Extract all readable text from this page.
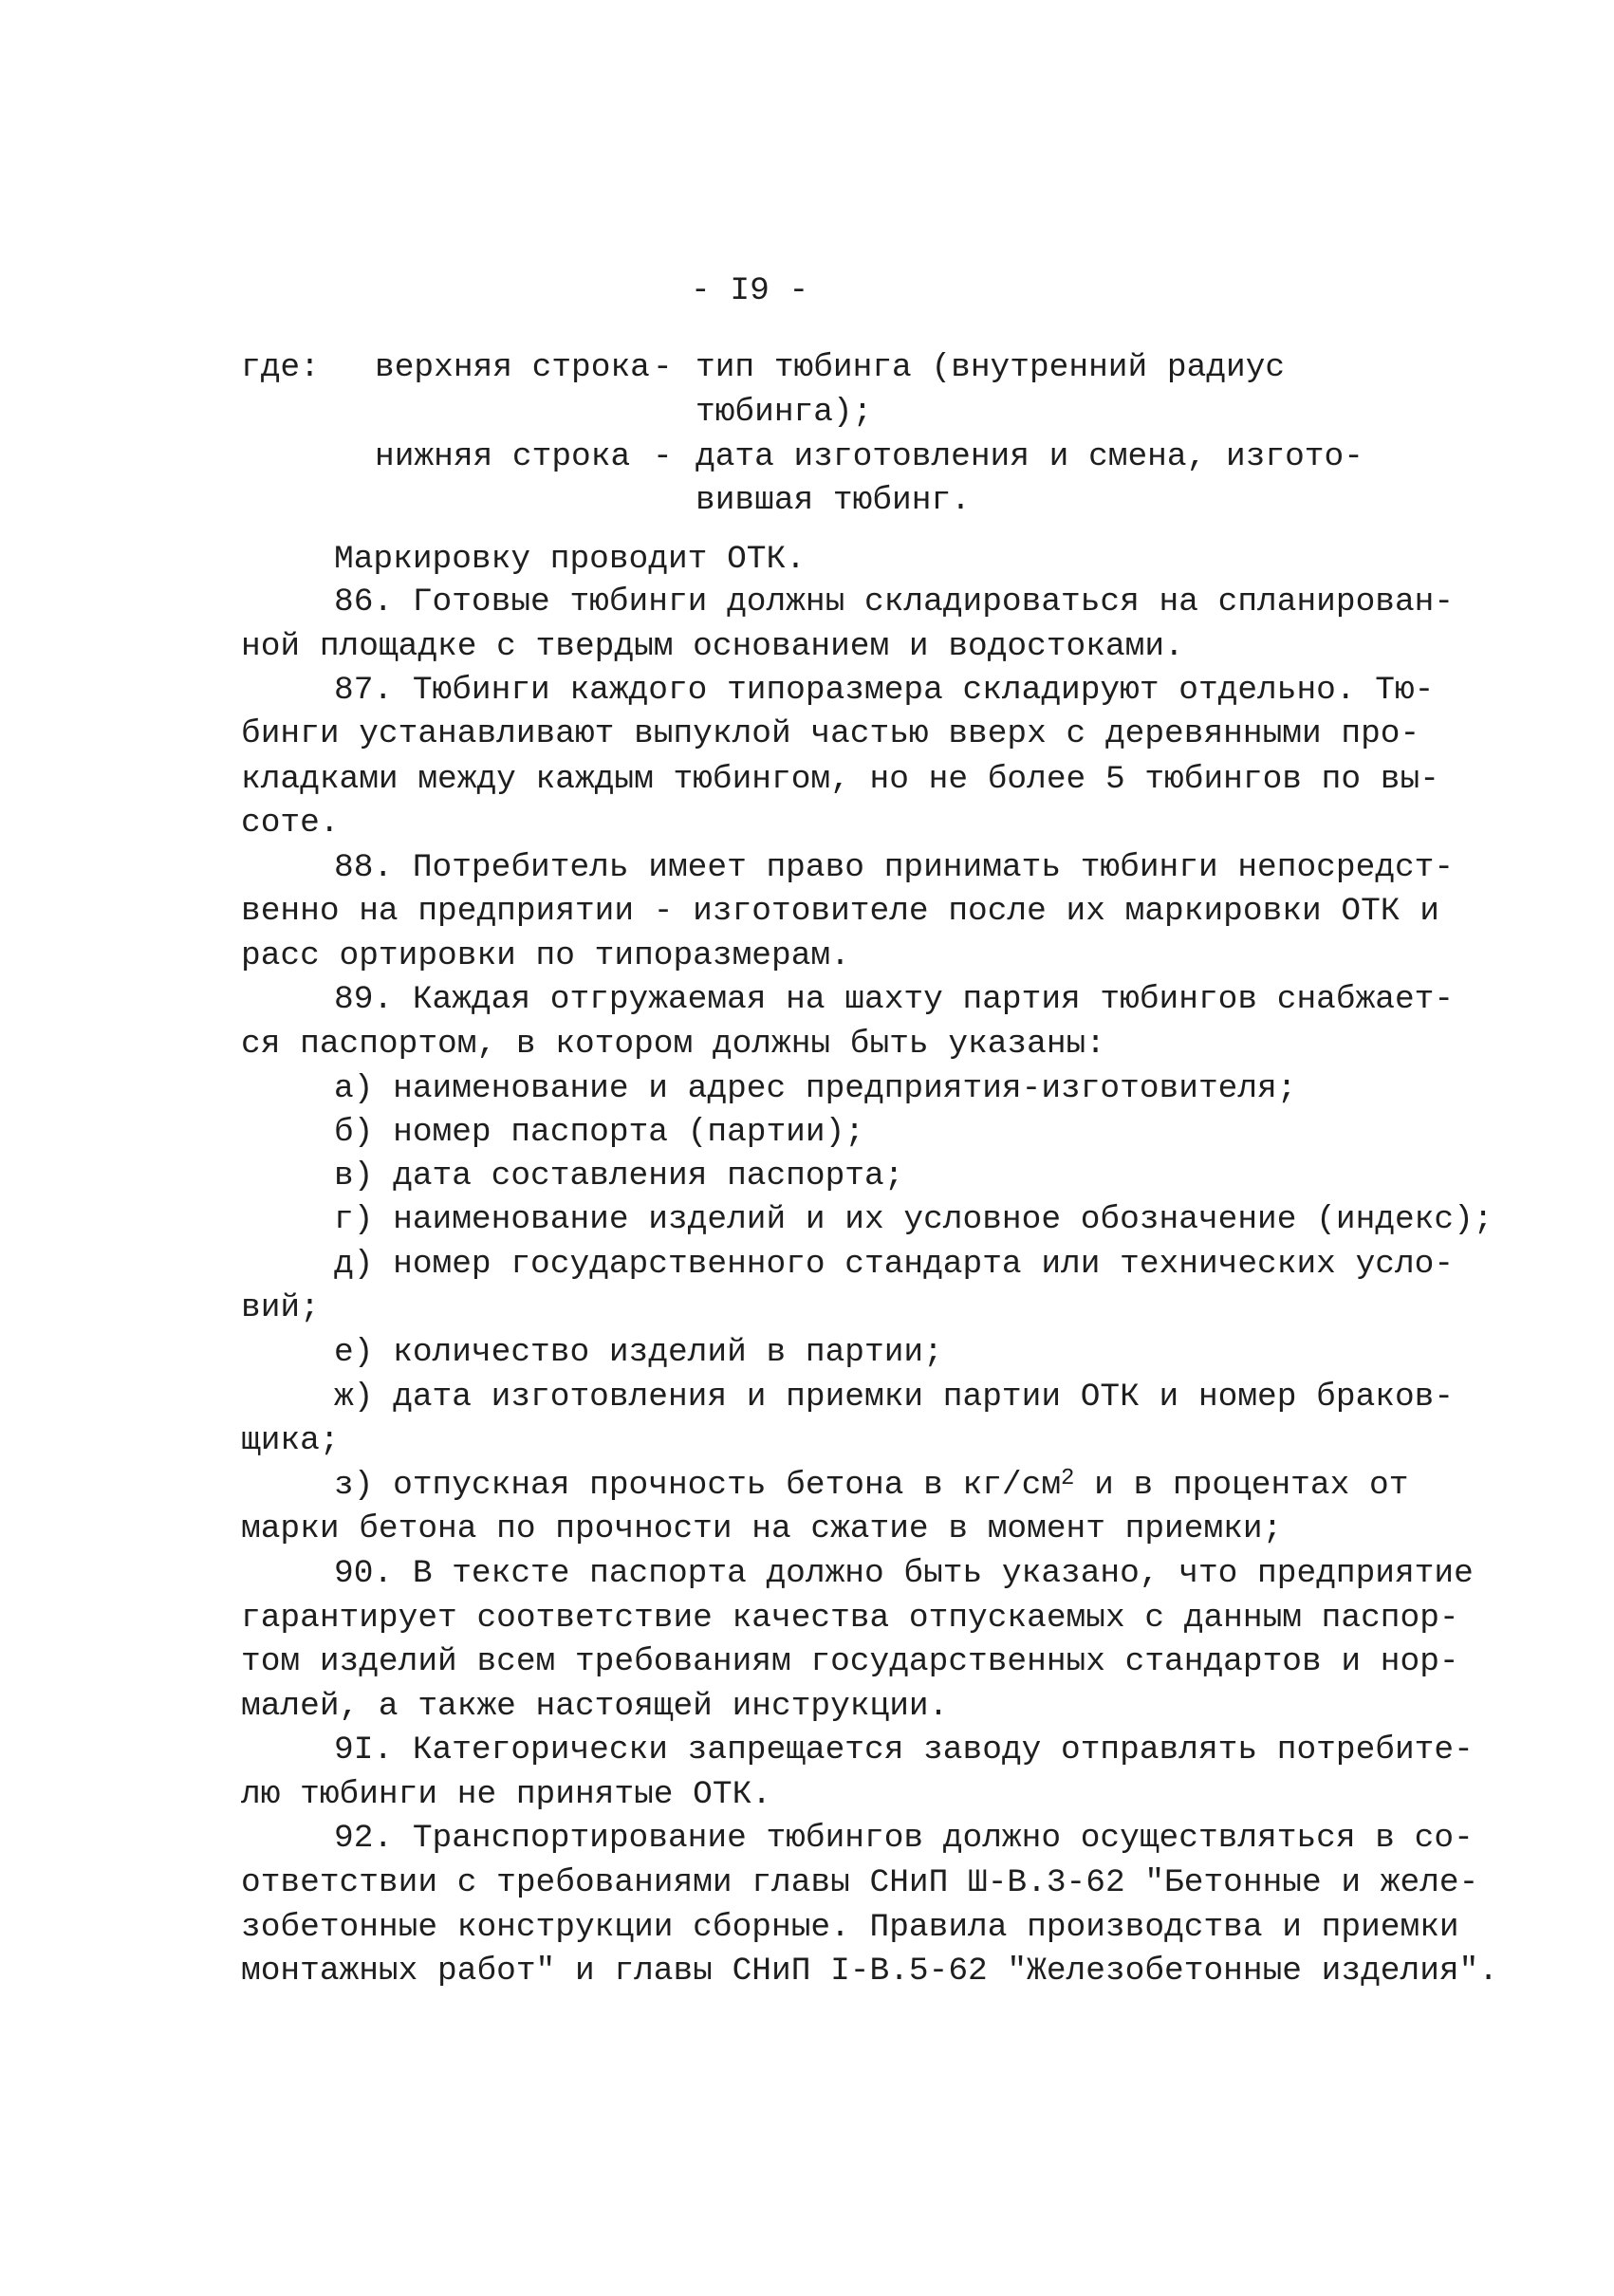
- I9 -
где: верхняя строка - тип тюбинга (внутренний радиус
тюбинга);
нижняя строка - дата изготовления и смена, изгото-
вившая тюбинг.
Маркировку проводит ОТК.
86. Готовые тюбинги должны складироваться на спланирован-
ной площадке с твердым основанием и водостоками.
87. Тюбинги каждого типоразмера складируют отдельно. Тю-
бинги устанавливают выпуклой частью вверх с деревянными про-
кладками между каждым тюбингом, но не более 5 тюбингов по вы-
соте.
88. Потребитель имеет право принимать тюбинги непосредст-
венно на предприятии - изготовителе после их маркировки ОТК и
расс ортировки по типоразмерам.
89. Каждая отгружаемая на шахту партия тюбингов снабжает-
ся паспортом, в котором должны быть указаны:
а) наименование и адрес предприятия-изготовителя;
б) номер паспорта (партии);
в) дата составления паспорта;
г) наименование изделий и их условное обозначение (индекс);
д) номер государственного стандарта или технических усло-
вий;
е) количество изделий в партии;
ж) дата изготовления и приемки партии ОТК и номер браков-
щика;
з) отпускная прочность бетона в $кг/см^2$ и в процентах от
марки бетона по прочности на сжатие в момент приемки;
90. В тексте паспорта должно быть указано, что предприятие
гарантирует соответствие качества отпускаемых с данным паспор-
том изделий всем требованиям государственных стандартов и нор-
малей, а также настоящей инструкции.
9I. Категорически запрещается заводу отправлять потребите-
лю тюбинги не принятые ОТК.
92. Транспортирование тюбингов должно осуществляться в со-
ответствии с требованиями главы СНиП Ш-В.3-62 "Бетонные и желе-
зобетонные конструкции сборные. Правила производства и приемки
монтажных работ" и главы СНиП I-В.5-62 "Железобетонные изделия".
